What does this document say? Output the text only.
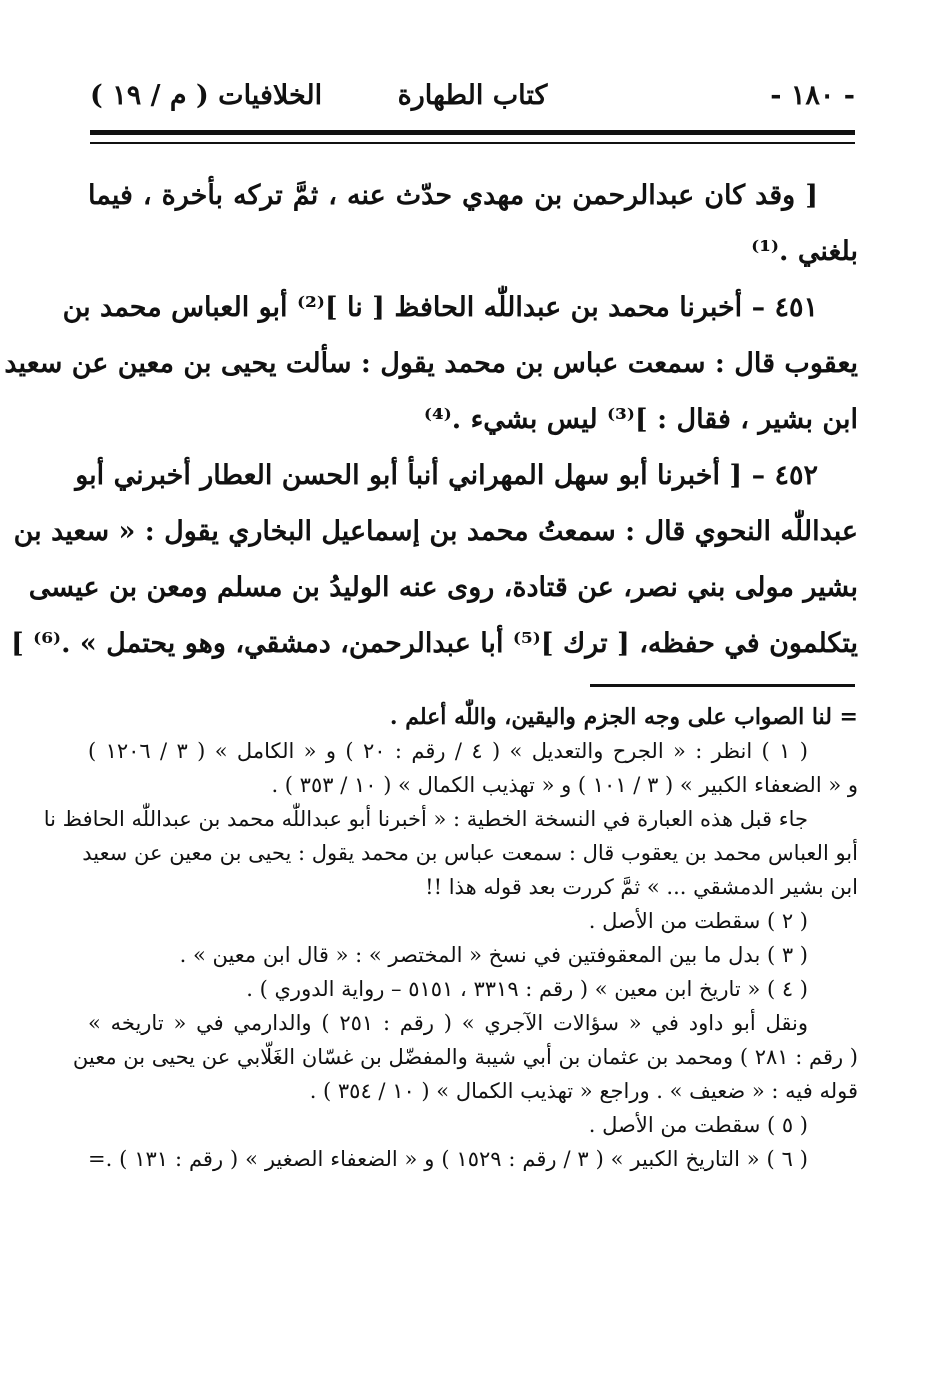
- ١٨٠ -
كتاب الطهارة
الخلافيات ( م / ١٩ )
[ وقد كان عبدالرحمن بن مهدي حدّث عنه ، ثمَّ تركه بأخرة ، فيما
بلغني .⁽¹⁾
٤٥١ – أخبرنا محمد بن عبداللّٰه الحافظ [ نا ]⁽²⁾ أبو العباس محمد بن
يعقوب قال : سمعت عباس بن محمد يقول : سألت يحيى بن معين عن سعيد
ابن بشير ، فقال : ]⁽³⁾ ليس بشيء .⁽⁴⁾
٤٥٢ – [ أخبرنا أبو سهل المهراني أنبأ أبو الحسن العطار أخبرني أبو
عبداللّٰه النحوي قال : سمعتُ محمد بن إسماعيل البخاري يقول : « سعيد بن
بشير مولى بني نصر، عن قتادة، روى عنه الوليدُ بن مسلم ومعن بن عيسى
يتكلمون في حفظه، [ ترك ]⁽⁵⁾ أبا عبدالرحمن، دمشقي، وهو يحتمل » .⁽⁶⁾ ]
= لنا الصواب على وجه الجزم واليقين، واللّٰه أعلم .
( ١ ) انظر : « الجرح والتعديل » ( ٤ / رقم : ٢٠ ) و « الكامل » ( ٣ / ١٢٠٦ )
و « الضعفاء الكبير » ( ٣ / ١٠١ ) و « تهذيب الكمال » ( ١٠ / ٣٥٣ ) .
جاء قبل هذه العبارة في النسخة الخطية : « أخبرنا أبو عبداللّٰه محمد بن عبداللّٰه الحافظ نا
أبو العباس محمد بن يعقوب قال : سمعت عباس بن محمد يقول : يحيى بن معين عن سعيد
ابن بشير الدمشقي ... » ثمَّ كررت بعد قوله هذا !!
( ٢ ) سقطت من الأصل .
( ٣ ) بدل ما بين المعقوفتين في نسخ « المختصر » : « قال ابن معين » .
( ٤ ) « تاريخ ابن معين » ( رقم : ٣٣١٩ ، ٥١٥١ – رواية الدوري ) .
ونقل أبو داود في « سؤالات الآجري » ( رقم : ٢٥١ ) والدارمي في « تاريخه »
( رقم : ٢٨١ ) ومحمد بن عثمان بن أبي شيبة والمفضّل بن غسّان الغَلّابي عن يحيى بن معين
قوله فيه : « ضعيف » . وراجع « تهذيب الكمال » ( ١٠ / ٣٥٤ ) .
( ٥ ) سقطت من الأصل .
( ٦ ) « التاريخ الكبير » ( ٣ / رقم : ١٥٢٩ ) و « الضعفاء الصغير » ( رقم : ١٣١ ) .=
